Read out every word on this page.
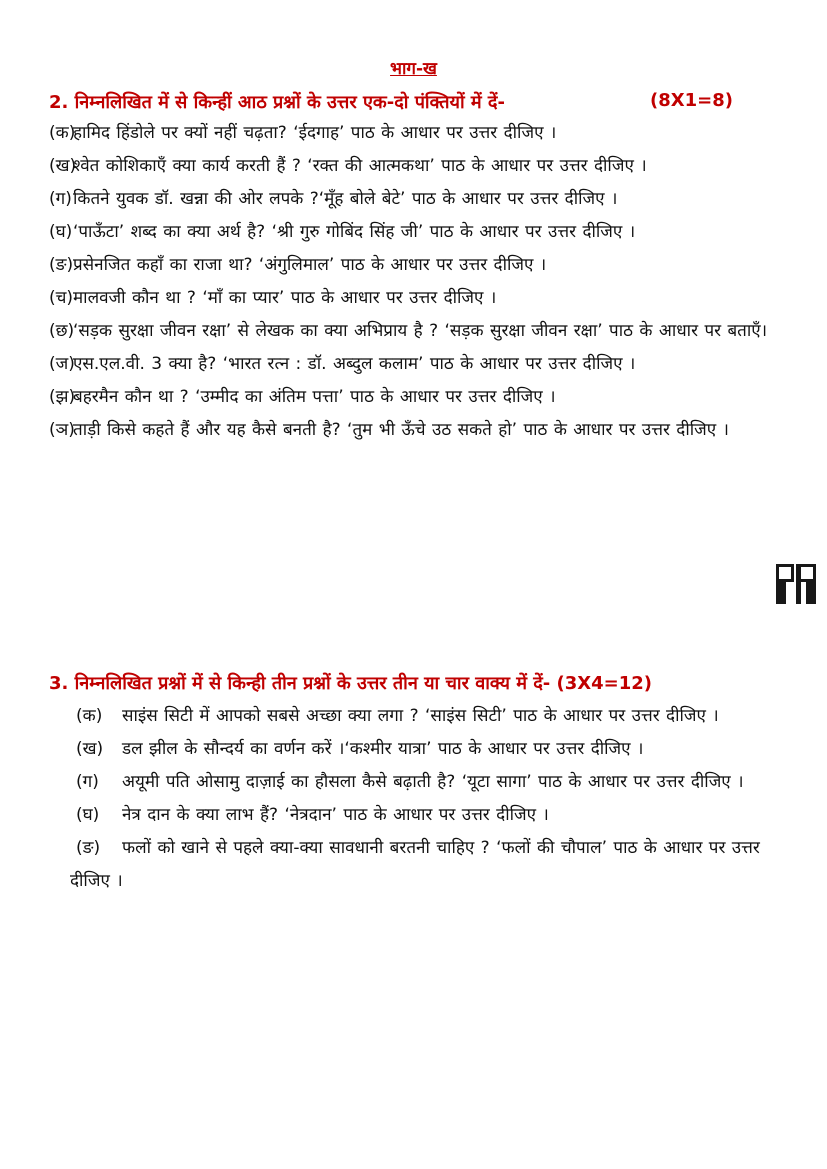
भाग-ख
2. निम्नलिखित में से किन्हीं आठ प्रश्नों के उत्तर एक-दो पंक्तियों में दें-	(8X1=8)
(क)
हामिद हिंडोले पर क्यों नहीं चढ़ता? ‘ईदगाह’ पाठ के आधार पर उत्तर दीजिए ।
(ख)
श्वेत कोशिकाएँ क्या कार्य करती हैं ? ‘रक्त की आत्मकथा’ पाठ के आधार पर उत्तर दीजिए ।
(ग) कितने युवक डॉ. खन्ना की ओर लपके ?‘मूँह बोले बेटे’ पाठ के आधार पर उत्तर दीजिए ।
(घ) ‘पाऊँटा’ शब्द का क्या अर्थ है? ‘श्री गुरु गोबिंद सिंह जी’ पाठ के आधार पर उत्तर दीजिए ।
(ङ) प्रसेनजित कहाँ का राजा था? ‘अंगुलिमाल’ पाठ के आधार पर उत्तर दीजिए ।
(च) मालवजी कौन था ? ‘माँ का प्यार’ पाठ के आधार पर उत्तर दीजिए ।
(छ)
‘सड़क सुरक्षा जीवन रक्षा’ से लेखक का क्या अभिप्राय है ? ‘सड़क सुरक्षा जीवन रक्षा’ पाठ के आधार पर बताएँ।
(ज)
एस.एल.वी. 3 क्या है? ‘भारत रत्न : डॉ. अब्दुल कलाम’ पाठ के आधार पर उत्तर दीजिए ।
(झ)
बहरमैन कौन था ? ‘उम्मीद का अंतिम पत्ता’ पाठ के आधार पर उत्तर दीजिए ।
(ञ)
ताड़ी किसे कहते हैं और यह कैसे बनती है? ‘तुम भी ऊँचे उठ सकते हो’ पाठ के आधार पर उत्तर दीजिए ।
3. निम्नलिखित प्रश्नों में से किन्ही तीन प्रश्नों के उत्तर तीन या चार वाक्य में दें- (3X4=12)
(क)	साइंस सिटी में आपको सबसे अच्छा क्या लगा ? ‘साइंस सिटी’ पाठ के आधार पर उत्तर दीजिए ।
(ख)	डल झील के सौन्दर्य का वर्णन करें ।‘कश्मीर यात्रा’ पाठ के आधार पर उत्तर दीजिए ।
(ग)	अयूमी पति ओसामु दाज़ाई का हौसला कैसे बढ़ाती है? ‘यूटा सागा’ पाठ के आधार पर उत्तर दीजिए ।
(घ)	नेत्र दान के क्या लाभ हैं? ‘नेत्रदान’ पाठ के आधार पर उत्तर दीजिए ।
(ङ)	फलों को खाने से पहले क्या-क्या सावधानी बरतनी चाहिए ? ‘फलों की चौपाल’ पाठ के आधार पर उत्तर दीजिए ।
